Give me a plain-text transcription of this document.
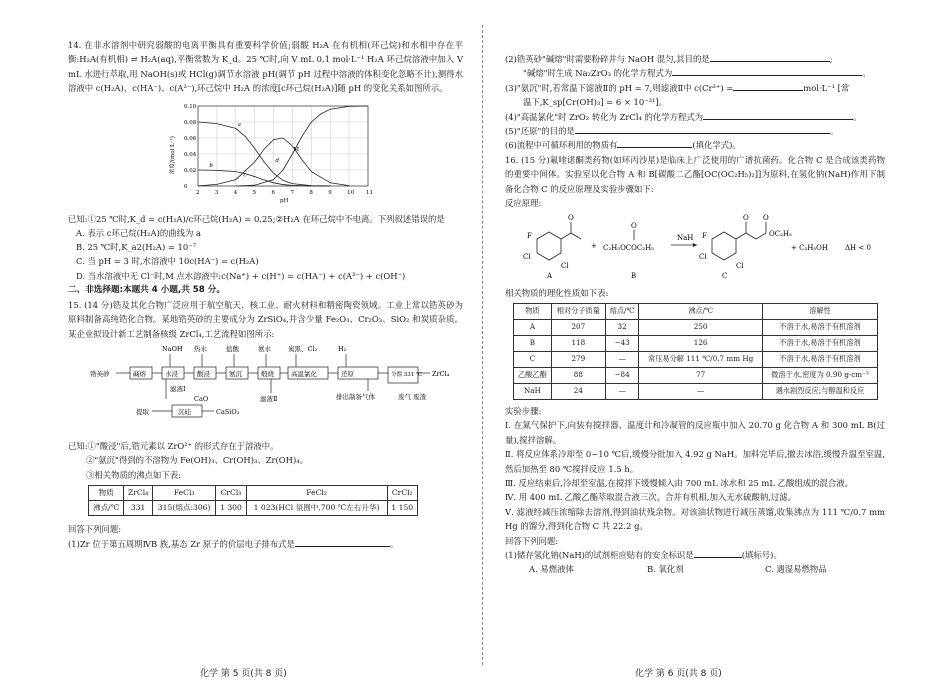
14. 在非水溶剂中研究弱酸的电离平衡具有重要科学价值;弱酸 H₂A 在有机相(环己烷)和水相中存在平衡:H₂A(有机相) ⇌ H₂A(aq),平衡常数为 K_d。25 ℃时,向 V mL 0.1 mol·L⁻¹ H₂A 环己烷溶液中加入 V mL 水进行萃取,用 NaOH(s)或 HCl(g)调节水溶液 pH(调节 pH 过程中溶液的体积变化忽略不计),测得水溶液中 c(H₂A)、c(HA⁻)、c(A²⁻),环己烷中 H₂A 的浓度[c环己烷(H₂A)]随 pH 的变化关系如图所示。

2	3	4	5	6	7	8	9	10 11
0
0.02
0.04
0.06
0.08
0.10
pH
浓度/(mol·L⁻¹)
a
b
c
d
M

已知:①25 ℃时,K_d = c(H₂A)/c环己烷(H₂A) = 0.25;②H₂A 在环己烷中不电离。下列叙述错误的是

A. 表示 c环己烷(H₂A)的曲线为 a

B. 25 ℃时,K_a2(H₂A) = 10⁻⁷

C. 当 pH = 3 时,水溶液中 10c(HA⁻) = c(H₂A)

D. 当水溶液中无 Cl⁻时,M 点水溶液中:c(Na⁺) + c(H⁺) = c(HA⁻) + c(A²⁻) + c(OH⁻)

二、非选择题:本题共 4 小题,共 58 分。

15. (14 分)锆及其化合物广泛应用于航空航天、核工业、耐火材料和精密陶瓷领域。工业上常以锆英砂为原料制备高纯锆化合物。某地锆英砂的主要成分为 ZrSiO₄,并含少量 Fe₂O₃、Cr₂O₃、SiO₂ 和炭质杂质。某企业拟设计新工艺制备核级 ZrCl₄,工艺流程如图所示:

锆英砂	碱熔	水浸	酸浸	氨沉	煅烧	高温氯化	还原	分馏 331 ℃ ZrCl₄
NaOH 热水	盐酸	氨水	炭黑、Cl₂	H₂
滤液Ⅰ
CaO
沉硅
提取	CaSiO₃
滤液Ⅱ	排出制备气体	废气 废渣

已知:①"酸浸"后,锆元素以 ZrO²⁺ 的形式存在于溶液中。

②"氨沉"得到的不溶物为 Fe(OH)₃、Cr(OH)₃、Zr(OH)₄。

③相关物质的沸点如下表:

物质	ZrCl₄	FeCl₃	CrCl₃	FeCl₂	CrCl₂
沸点/℃	331	315(熔点:306)	1 300	1 023(HCl 氛围中,700 ℃左右升华)	1 150

回答下列问题:

(1)Zr 位于第五周期ⅣB 族,基态 Zr 原子的价层电子排布式是	。

(2)锆英砂"碱熔"时需要粉碎并与 NaOH 混匀,其目的是	;

"碱熔"时生成 Na₂ZrO₃ 的化学方程式为	。

(3)"氨沉"时,若常温下滤液Ⅱ的 pH = 7,则滤液Ⅱ中 c(Cr³⁺) =	mol·L⁻¹ [常

温下,K_sp[Cr(OH)₃] = 6 × 10⁻³¹]。

(4)"高温氯化"时 ZrO₂ 转化为 ZrCl₄ 的化学方程式为	。

(5)"还原"的目的是	。

(6)流程中可循环利用的物质有	(填化学式)。

16. (15 分)氟喹诺酮类药物(如环丙沙星)是临床上广泛使用的广谱抗菌药。化合物 C 是合成该类药物的重要中间体。实验室以化合物 A 和 B[碳酸二乙酯[OC(OC₂H₅)₂]]为原料,在氢化钠(NaH)作用下制备化合物 C 的反应原理及实验步骤如下:

反应原理:

O
F
Cl
Cl
A
+
O
C₂H₅OCOC₂H₅
B
NaH
O O
OC₂H₅
F
Cl
Cl
C
+ C₂H₅OH ΔH < 0

相关物质的理化性质如下表:

物质	相对分子质量	熔点/℃	沸点/℃	溶解性
A	207	32	250	不溶于水,易溶于有机溶剂
B	118	−43	126	不溶于水,易溶于有机溶剂
C	279	—	常压易分解 111 ℃/0.7 mm Hg	不溶于水,易溶于有机溶剂
乙酸乙酯	88	−84	77	微溶于水,密度为 0.90 g·cm⁻³
NaH	24	—	—	遇水剧烈反应;与醇温和反应

实验步骤:

Ⅰ. 在氮气保护下,向装有搅拌器、温度计和冷凝管的反应瓶中加入 20.70 g 化合物 A 和 300 mL B(过量),搅拌溶解。

Ⅱ. 将反应体系冷却至 0~10 ℃后,缓慢分批加入 4.92 g NaH。加料完毕后,撤去冰浴,缓慢升温至室温,然后加热至 80 ℃搅拌反应 1.5 h。

Ⅲ. 反应结束后,冷却至室温,在搅拌下缓慢倾入由 700 mL 冰水和 25 mL 乙酸组成的混合液。

Ⅳ. 用 400 mL 乙酸乙酯萃取混合液三次。合并有机相,加入无水硫酸钠,过滤。

Ⅴ. 滤液经减压浓缩除去溶剂,得到油状残余物。对该油状物进行减压蒸馏,收集沸点为 111 ℃/0.7 mm Hg 的馏分,得到化合物 C 共 22.2 g。

回答下列问题:

(1)储存氢化钠(NaH)的试剂柜应贴有的安全标识是	(填标号)。

A. 易燃液体	B. 氧化剂	C. 遇湿易燃物品
化学 第 5 页(共 8 页)	化学 第 6 页(共 8 页)
